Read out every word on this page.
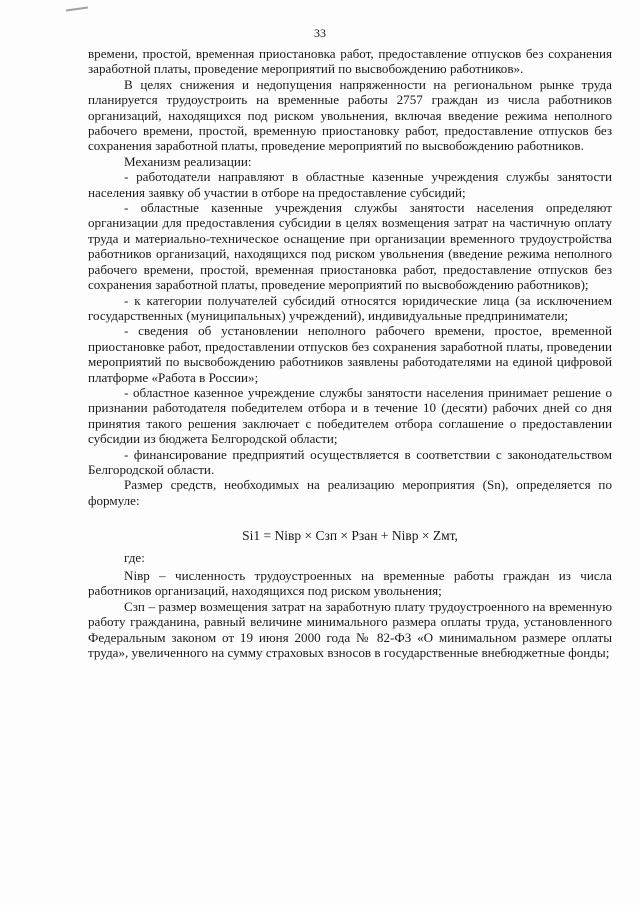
33

времени, простой, временная приостановка работ, предоставление отпусков без сохранения заработной платы, проведение мероприятий по высвобождению работников».

В целях снижения и недопущения напряженности на региональном рынке труда планируется трудоустроить на временные работы 2757 граждан из числа работников организаций, находящихся под риском увольнения, включая введение режима неполного рабочего времени, простой, временную приостановку работ, предоставление отпусков без сохранения заработной платы, проведение мероприятий по высвобождению работников.

Механизм реализации:

- работодатели направляют в областные казенные учреждения службы занятости населения заявку об участии в отборе на предоставление субсидий;

- областные казенные учреждения службы занятости населения определяют организации для предоставления субсидии в целях возмещения затрат на частичную оплату труда и материально-техническое оснащение при организации временного трудоустройства работников организаций, находящихся под риском увольнения (введение режима неполного рабочего времени, простой, временная приостановка работ, предоставление отпусков без сохранения заработной платы, проведение мероприятий по высвобождению работников);

- к категории получателей субсидий относятся юридические лица (за исключением государственных (муниципальных) учреждений), индивидуальные предприниматели;

- сведения об установлении неполного рабочего времени, простое, временной приостановке работ, предоставлении отпусков без сохранения заработной платы, проведении мероприятий по высвобождению работников заявлены работодателями на единой цифровой платформе «Работа в России»;

- областное казенное учреждение службы занятости населения принимает решение о признании работодателя победителем отбора и в течение 10 (десяти) рабочих дней со дня принятия такого решения заключает с победителем отбора соглашение о предоставлении субсидии из бюджета Белгородской области;

- финансирование предприятий осуществляется в соответствии с законодательством Белгородской области.

Размер средств, необходимых на реализацию мероприятия (Sn), определяется по формуле:

Si1 = Nівр × Сзп × Рзан + Nівр × Zмт,

где:

Nівр – численность трудоустроенных на временные работы граждан из числа работников организаций, находящихся под риском увольнения;

Сзп – размер возмещения затрат на заработную плату трудоустроенного на временную работу гражданина, равный величине минимального размера оплаты труда, установленного Федеральным законом от 19 июня 2000 года № 82-ФЗ «О минимальном размере оплаты труда», увеличенного на сумму страховых взносов в государственные внебюджетные фонды;
